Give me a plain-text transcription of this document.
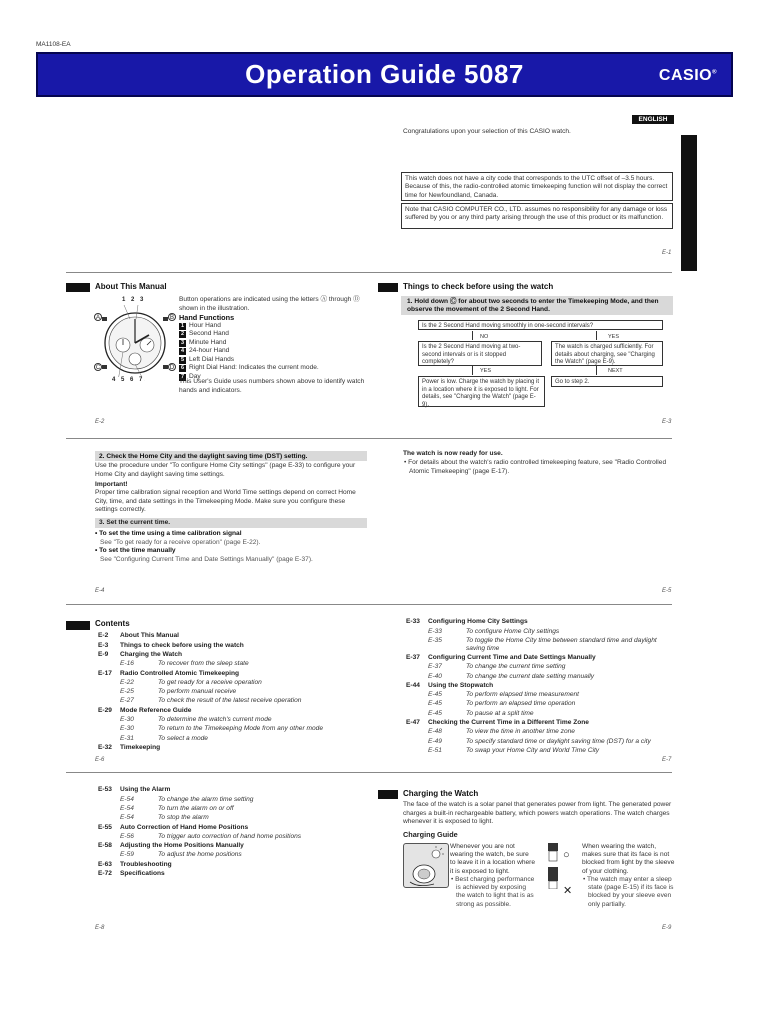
MA1108-EA
Operation Guide 5087	CASIO®
ENGLISH
Congratulations upon your selection of this CASIO watch.
This watch does not have a city code that corresponds to the UTC offset of –3.5 hours. Because of this, the radio-controlled atomic timekeeping function will not display the correct time for Newfoundland, Canada.
Note that CASIO COMPUTER CO., LTD. assumes no responsibility for any damage or loss suffered by you or any third party arising through the use of this product or its malfunction.
E-1
About This Manual
1 2 3
4 5 6 7
A	B
C	D
Button operations are indicated using the letters Ⓐ through Ⓓ shown in the illustration.
Hand Functions
1 Hour Hand
2 Second Hand
3 Minute Hand
4 24-hour Hand
5 Left Dial Hands
6 Right Dial Hand: Indicates the current mode.
7 Day
This User's Guide uses numbers shown above to identify watch hands and indicators.
E-2
Things to check before using the watch
1. Hold down Ⓒ for about two seconds to enter the Timekeeping Mode, and then observe the movement of the 2 Second Hand.
Is the 2 Second Hand moving smoothly in one-second intervals?
NO	YES
Is the 2 Second Hand moving at two-second intervals or is it stopped completely?
The watch is charged sufficiently. For details about charging, see "Charging the Watch" (page E-9).
YES	NEXT
Power is low. Charge the watch by placing it in a location where it is exposed to light. For details, see "Charging the Watch" (page E-9).
Go to step 2.
E-3
2. Check the Home City and the daylight saving time (DST) setting.
Use the procedure under "To configure Home City settings" (page E-33) to configure your Home City and daylight saving time settings.
Important!
Proper time calibration signal reception and World Time settings depend on correct Home City, time, and date settings in the Timekeeping Mode. Make sure you configure these settings correctly.
3. Set the current time.
• To set the time using a time calibration signal
See "To get ready for a receive operation" (page E-22).
• To set the time manually
See "Configuring Current Time and Date Settings Manually" (page E-37).
E-4
The watch is now ready for use.
• For details about the watch's radio controlled timekeeping feature, see "Radio Controlled Atomic Timekeeping" (page E-17).
E-5
Contents
E-2	About This Manual
E-3	Things to check before using the watch
E-9	Charging the Watch
E-16	To recover from the sleep state
E-17	Radio Controlled Atomic Timekeeping
E-22	To get ready for a receive operation
E-25	To perform manual receive
E-27	To check the result of the latest receive operation
E-29	Mode Reference Guide
E-30	To determine the watch's current mode
E-30	To return to the Timekeeping Mode from any other mode
E-31	To select a mode
E-32	Timekeeping
E-6
E-33	Configuring Home City Settings
E-33	To configure Home City settings
E-35	To toggle the Home City time between standard time and daylight saving time
E-37	Configuring Current Time and Date Settings Manually
E-37	To change the current time setting
E-40	To change the current date setting manually
E-44	Using the Stopwatch
E-45	To perform elapsed time measurement
E-45	To perform an elapsed time operation
E-45	To pause at a split time
E-47	Checking the Current Time in a Different Time Zone
E-48	To view the time in another time zone
E-49	To specify standard time or daylight saving time (DST) for a city
E-51	To swap your Home City and World Time City
E-7
E-53	Using the Alarm
E-54	To change the alarm time setting
E-54	To turn the alarm on or off
E-54	To stop the alarm
E-55	Auto Correction of Hand Home Positions
E-56	To trigger auto correction of hand home positions
E-58	Adjusting the Home Positions Manually
E-59	To adjust the home positions
E-63	Troubleshooting
E-72	Specifications
E-8
Charging the Watch
The face of the watch is a solar panel that generates power from light. The generated power charges a built-in rechargeable battery, which powers watch operations. The watch charges whenever it is exposed to light.
Charging Guide
Whenever you are not wearing the watch, be sure to leave it in a location where it is exposed to light.
• Best charging performance is achieved by exposing the watch to light that is as strong as possible.
○
✕
When wearing the watch, makes sure that its face is not blocked from light by the sleeve of your clothing.
• The watch may enter a sleep state (page E-15) if its face is blocked by your sleeve even only partially.
E-9
